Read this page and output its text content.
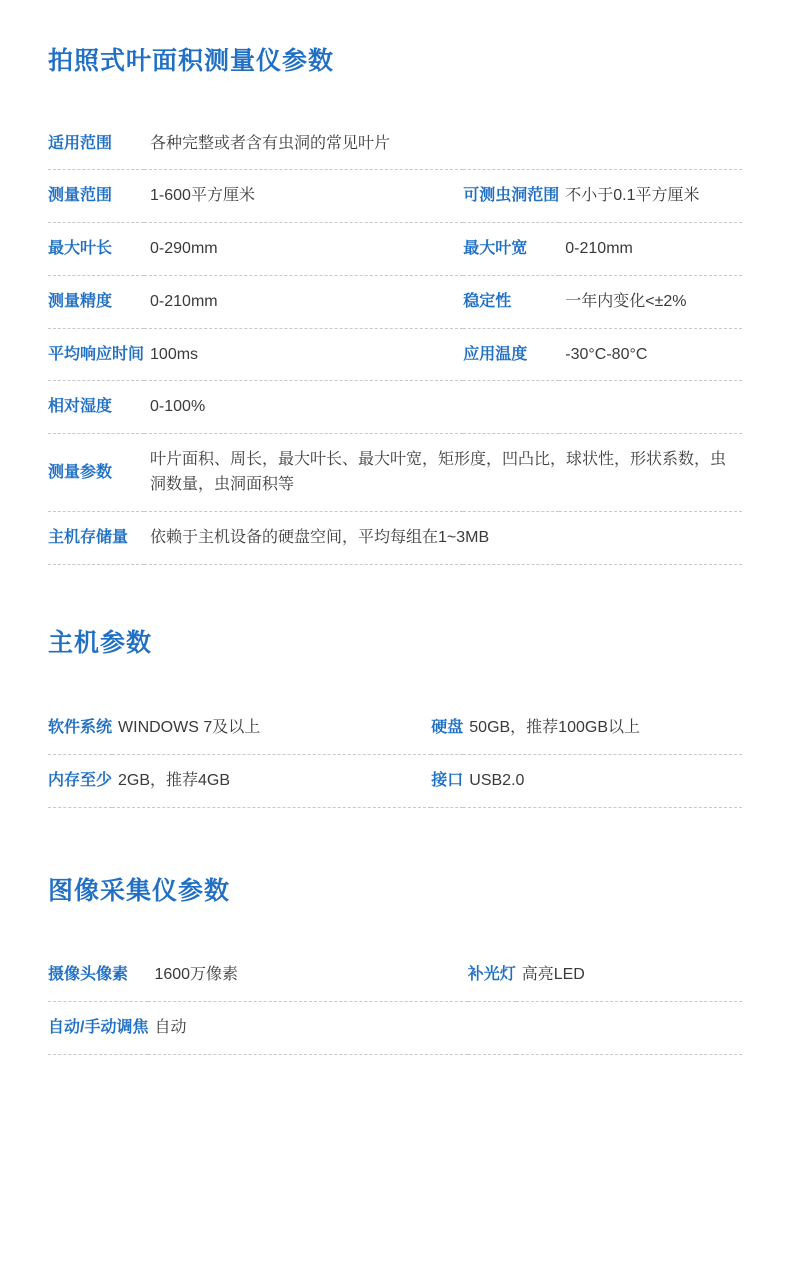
拍照式叶面积测量仪参数
适用范围	各种完整或者含有虫洞的常见叶片		
测量范围	1-600平方厘米	可测虫洞范围	不小于0.1平方厘米
最大叶长	0-290mm	最大叶宽	0-210mm
测量精度	0-210mm	稳定性	一年内变化<±2%
平均响应时间	100ms	应用温度	-30°C-80°C
相对湿度	0-100%		
测量参数	叶片面积、周长，最大叶长、最大叶宽，矩形度，凹凸比，球状性，形状系数，虫洞数量，虫洞面积等		
主机存储量	依赖于主机设备的硬盘空间，平均每组在1~3MB		
主机参数
软件系统	WINDOWS 7及以上	硬盘	50GB，推荐100GB以上
内存至少	2GB，推荐4GB	接口	USB2.0
图像采集仪参数
摄像头像素	1600万像素	补光灯	高亮LED
自动/手动调焦	自动		
